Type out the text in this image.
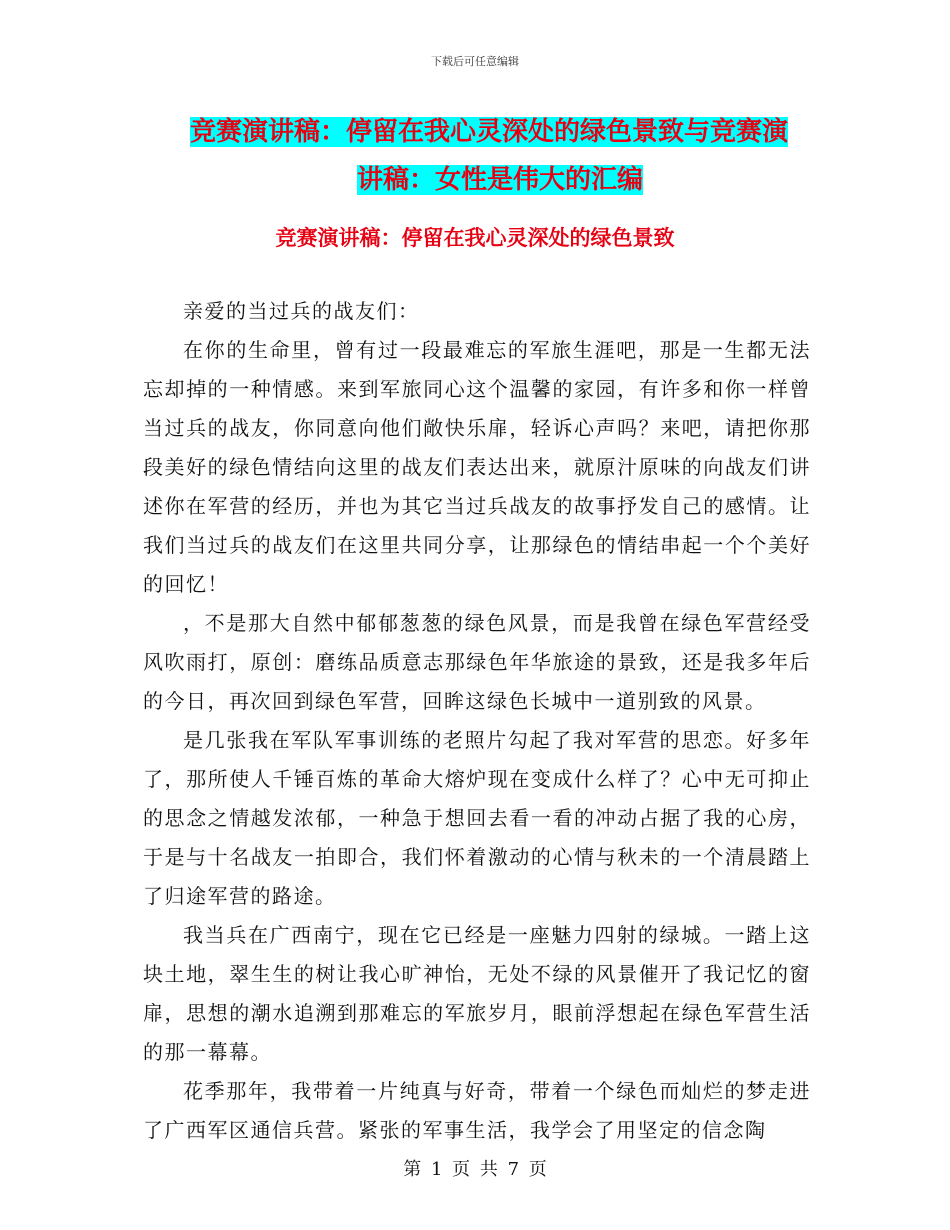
下载后可任意编辑
竞赛演讲稿：停留在我心灵深处的绿色景致与竞赛演
讲稿：女性是伟大的汇编
竞赛演讲稿：停留在我心灵深处的绿色景致

亲爱的当过兵的战友们：

在你的生命里，曾有过一段最难忘的军旅生涯吧，那是一生都无法忘却掉的一种情感。来到军旅同心这个温馨的家园，有许多和你一样曾当过兵的战友，你同意向他们敞快乐扉，轻诉心声吗？来吧，请把你那段美好的绿色情结向这里的战友们表达出来，就原汁原味的向战友们讲述你在军营的经历，并也为其它当过兵战友的故事抒发自己的感情。让我们当过兵的战友们在这里共同分享，让那绿色的情结串起一个个美好的回忆！

，不是那大自然中郁郁葱葱的绿色风景，而是我曾在绿色军营经受风吹雨打，原创：磨练品质意志那绿色年华旅途的景致，还是我多年后的今日，再次回到绿色军营，回眸这绿色长城中一道别致的风景。

是几张我在军队军事训练的老照片勾起了我对军营的思恋。好多年了，那所使人千锤百炼的革命大熔炉现在变成什么样了？心中无可抑止的思念之情越发浓郁，一种急于想回去看一看的冲动占据了我的心房，于是与十名战友一拍即合，我们怀着激动的心情与秋未的一个清晨踏上了归途军营的路途。

我当兵在广西南宁，现在它已经是一座魅力四射的绿城。一踏上这块土地，翠生生的树让我心旷神怡，无处不绿的风景催开了我记忆的窗扉，思想的潮水追溯到那难忘的军旅岁月，眼前浮想起在绿色军营生活的那一幕幕。

花季那年，我带着一片纯真与好奇，带着一个绿色而灿烂的梦走进了广西军区通信兵营。紧张的军事生活，我学会了用坚定的信念陶

第 1 页 共 7 页
